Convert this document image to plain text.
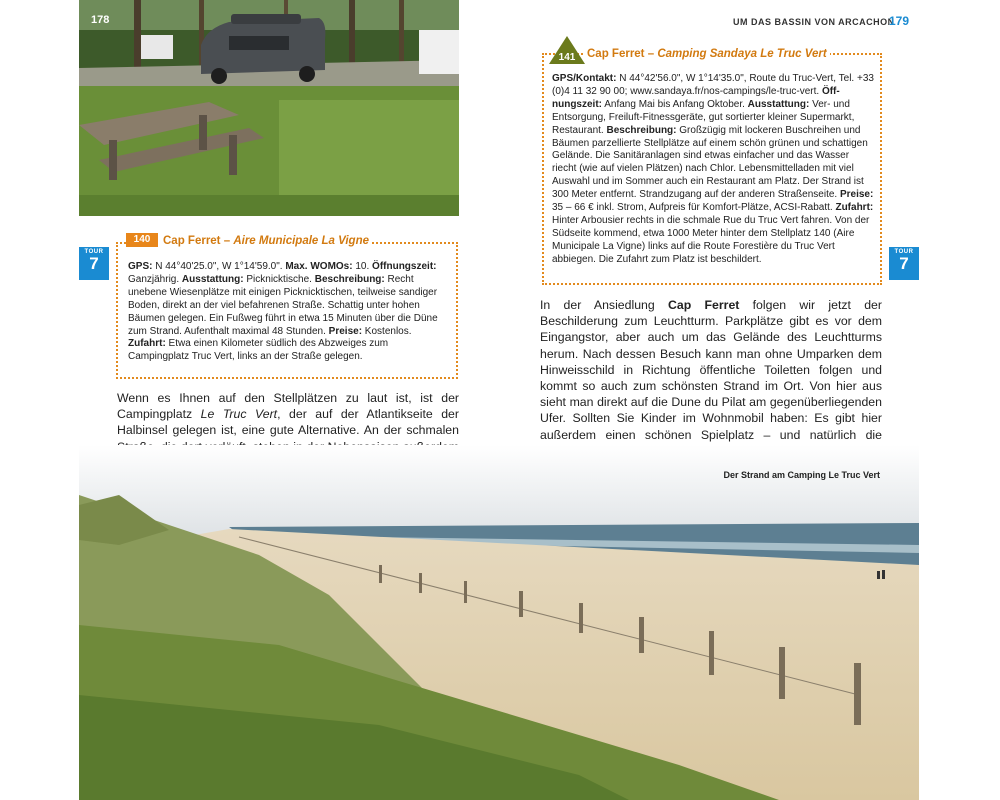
178	UM DAS BASSIN VON ARCACHON
179
TOUR
7
TOUR
7
GPS: N 44°40'25.0", W 1°14'59.0". Max. WOMOs: 10. Öffnungszeit: Ganzjährig. Ausstattung: Picknicktische. Beschreibung: Recht unebene Wiesenplätze mit einigen Picknicktischen, teilweise sandiger Boden, direkt an der viel befahrenen Straße. Schattig unter hohen Bäumen gelegen. Ein Fußweg führt in etwa 15 Minuten über die Düne zum Strand. Aufenthalt maximal 48 Stunden. Preise: Kostenlos. Zufahrt: Etwa einen Kilometer südlich des Abzweiges zum Campingplatz Truc Vert, links an der Straße gelegen.
140	Cap Ferret – Aire Municipale La Vigne
GPS/Kontakt: N 44°42'56.0", W 1°14'35.0", Route du Truc-Vert, Tel. +33 (0)4 11 32 90 00; www.sandaya.fr/nos-campings/le-truc-vert. Öffnungszeit: Anfang Mai bis Anfang Oktober. Ausstattung: Ver- und Entsorgung, Freiluft-Fitnessgeräte, gut sortierter kleiner Supermarkt, Restaurant. Beschreibung: Großzügig mit lockeren Buschreihen und Bäumen parzellierte Stellplätze auf einem schön grünen und schattigen Gelände. Die Sanitäranlagen sind etwas einfacher und das Wasser riecht (wie auf vielen Plätzen) nach Chlor. Lebensmittelladen mit viel Auswahl und im Sommer auch ein Restaurant am Platz. Der Strand ist 300 Meter entfernt. Strandzugang auf der anderen Straßenseite. Preise: 35 – 66 € inkl. Strom, Aufpreis für Komfort-Plätze, ACSI-Rabatt. Zufahrt: Hinter Arbousier rechts in die schmale Rue du Truc Vert fahren. Von der Südseite kommend, etwa 1000 Meter hinter dem Stellplatz 140 (Aire Municipale La Vigne) links auf die Route Forestière du Truc Vert abbiegen. Die Zufahrt zum Platz ist beschildert.
141 Cap Ferret – Camping Sandaya Le Truc Vert
Wenn es Ihnen auf den Stellplätzen zu laut ist, ist der Campingplatz Le Truc Vert, der auf der Atlantikseite der Halbinsel gelegen ist, eine gute Alternative. An der schmalen
In der Ansiedlung Cap Ferret folgen wir jetzt der Beschilderung zum Leuchtturm. Parkplätze gibt es vor dem Eingangstor, aber auch um das Gelände des Leuchtturms herum. Nach dessen Besuch kann man ohne Umparken dem Hinweisschild in Richtung öffentliche Toiletten folgen und kommt so auch zum schönsten Strand im Ort. Von hier aus sieht man direkt auf die Dune du Pilat am gegenüberliegenden Ufer. Sollten Sie Kinder im Wohnmobil haben: Es gibt hier außerdem einen schönen Spielplatz – und natürlich die
Der Strand am Camping Le Truc Vert
